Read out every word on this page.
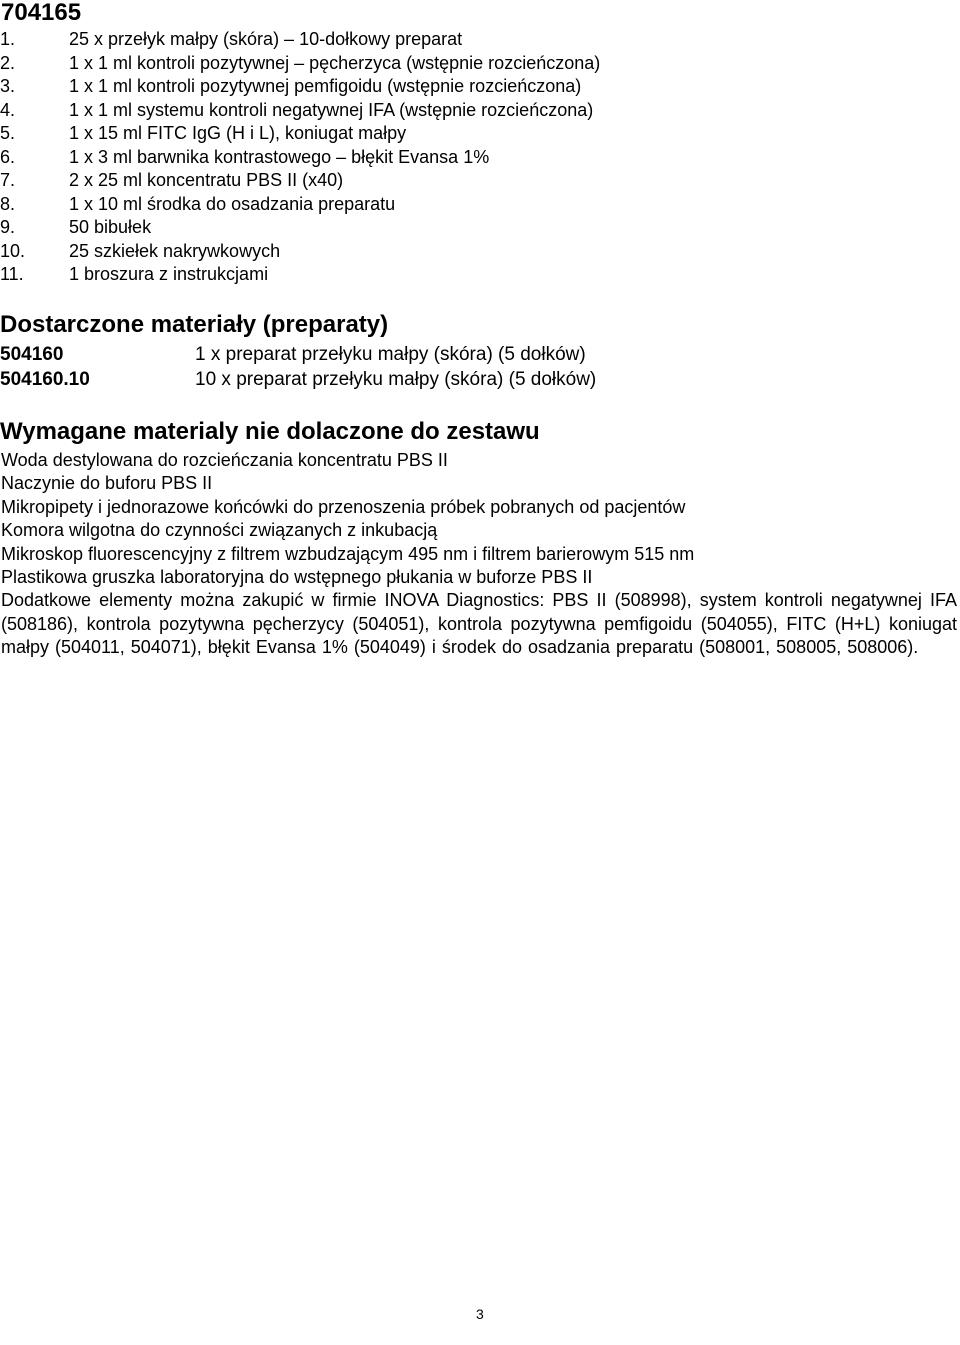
704165
1.	25 x przełyk małpy (skóra) – 10-dołkowy preparat
2.	1 x 1 ml kontroli pozytywnej – pęcherzyca (wstępnie rozcieńczona)
3.	1 x 1 ml kontroli pozytywnej pemfigoidu (wstępnie rozcieńczona)
4.	1 x 1 ml systemu kontroli negatywnej IFA (wstępnie rozcieńczona)
5.	1 x 15 ml FITC IgG (H i L), koniugat małpy
6.	1 x 3 ml barwnika kontrastowego – błękit Evansa 1%
7.	2 x 25 ml koncentratu PBS II (x40)
8.	1 x 10 ml środka do osadzania preparatu
9.	50 bibułek
10.	25 szkiełek nakrywkowych
11.	1 broszura z instrukcjami
Dostarczone materiały (preparaty)
504160	1 x preparat przełyku małpy (skóra) (5 dołków)
504160.10	10 x preparat przełyku małpy (skóra) (5 dołków)
Wymagane materialy nie dolaczone do zestawu
Woda destylowana do rozcieńczania koncentratu PBS II
Naczynie do buforu PBS II
Mikropipety i jednorazowe końcówki do przenoszenia próbek pobranych od pacjentów
Komora wilgotna do czynności związanych z inkubacją
Mikroskop fluorescencyjny z filtrem wzbudzającym 495 nm i filtrem barierowym 515 nm
Plastikowa gruszka laboratoryjna do wstępnego płukania w buforze PBS II
Dodatkowe elementy można zakupić w firmie INOVA Diagnostics: PBS II (508998), system kontroli negatywnej IFA (508186), kontrola pozytywna pęcherzycy (504051), kontrola pozytywna pemfigoidu (504055), FITC (H+L) koniugat małpy (504011, 504071), błękit Evansa 1% (504049) i środek do osadzania preparatu (508001, 508005, 508006).
3
